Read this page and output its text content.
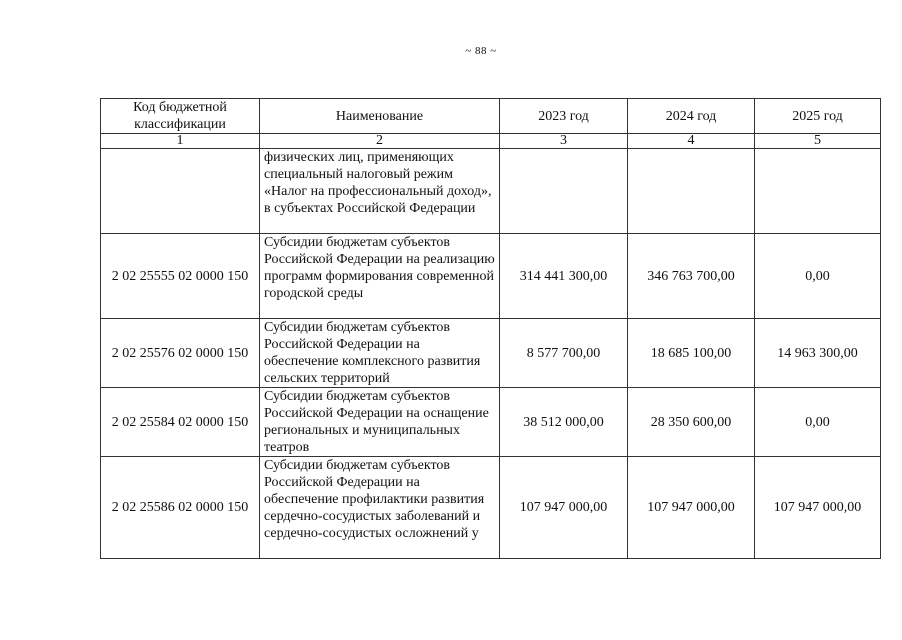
~ 88 ~
Код бюджетной классификации	Наименование	2023 год	2024 год	2025 год
1	2	3	4	5
	физических лиц, применяющих специальный налоговый режим «Налог на профессиональный доход», в субъектах Российской Федерации			
2 02 25555 02 0000 150	Субсидии бюджетам субъектов Российской Федерации на реализацию программ формирования современной городской среды	314 441 300,00	346 763 700,00	0,00
2 02 25576 02 0000 150	Субсидии бюджетам субъектов Российской Федерации на обеспечение комплексного развития сельских территорий	8 577 700,00	18 685 100,00	14 963 300,00
2 02 25584 02 0000 150	Субсидии бюджетам субъектов Российской Федерации на оснащение региональных и муниципальных театров	38 512 000,00	28 350 600,00	0,00
2 02 25586 02 0000 150	Субсидии бюджетам субъектов Российской Федерации на обеспечение профилактики развития сердечно-сосудистых заболеваний и сердечно-сосудистых осложнений у	107 947 000,00	107 947 000,00	107 947 000,00
